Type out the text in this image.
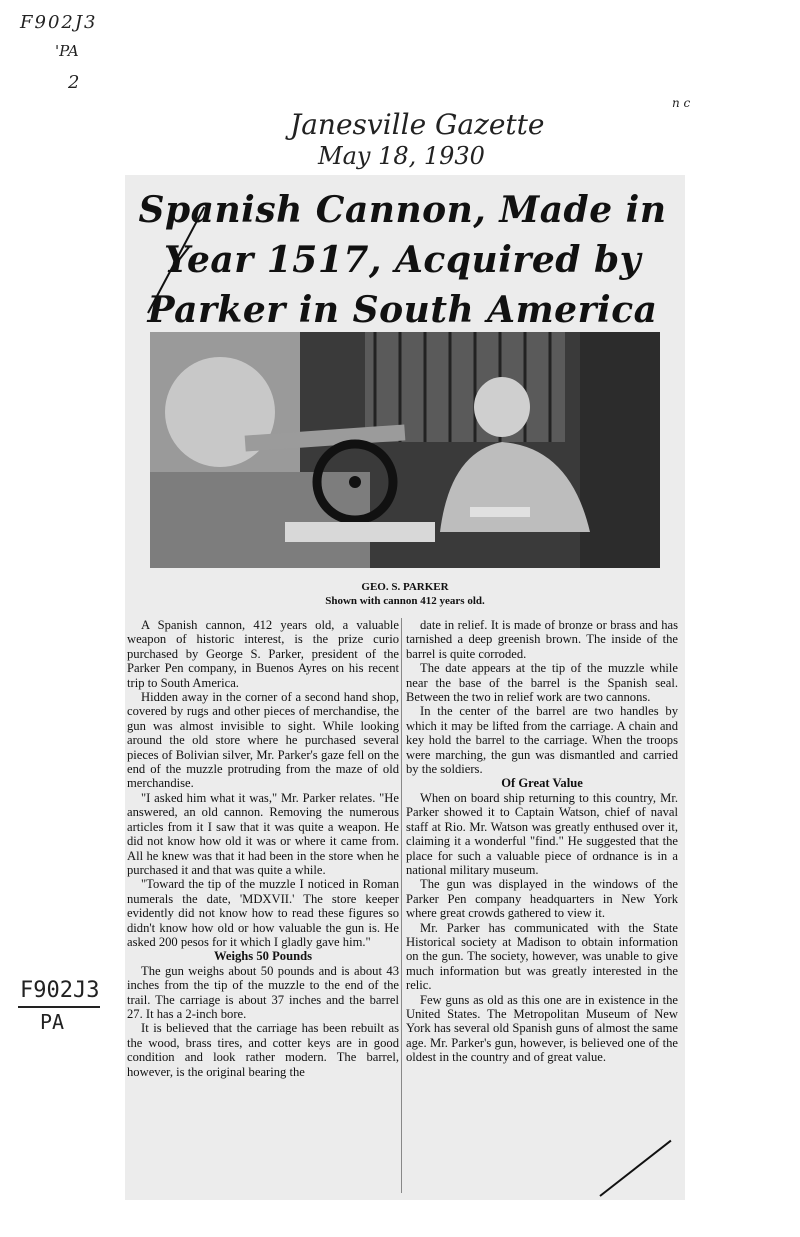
F902J3
'PA
2
n c
Janesville Gazette
May 18, 1930
F902J3
PA
Spanish Cannon, Made in
Year 1517, Acquired by
Parker in South America
GEO. S. PARKER
Shown with cannon 412 years old.

A Spanish cannon, 412 years old, a valuable weapon of historic interest, is the prize curio purchased by George S. Parker, president of the Parker Pen company, in Buenos Ayres on his recent trip to South America.

Hidden away in the corner of a second hand shop, covered by rugs and other pieces of merchandise, the gun was almost invisible to sight. While looking around the old store where he purchased several pieces of Bolivian silver, Mr. Parker's gaze fell on the end of the muzzle protruding from the maze of old merchandise.

"I asked him what it was," Mr. Parker relates. "He answered, an old cannon. Removing the numerous articles from it I saw that it was quite a weapon. He did not know how old it was or where it came from. All he knew was that it had been in the store when he purchased it and that was quite a while.

"Toward the tip of the muzzle I noticed in Roman numerals the date, 'MDXVII.' The store keeper evidently did not know how to read these figures so didn't know how old or how valuable the gun is. He asked 200 pesos for it which I gladly gave him."

Weighs 50 Pounds

The gun weighs about 50 pounds and is about 43 inches from the tip of the muzzle to the end of the trail. The carriage is about 37 inches and the barrel 27. It has a 2-inch bore.

It is believed that the carriage has been rebuilt as the wood, brass tires, and cotter keys are in good condition and look rather modern. The barrel, however, is the original bearing the

date in relief. It is made of bronze or brass and has tarnished a deep greenish brown. The inside of the barrel is quite corroded.

The date appears at the tip of the muzzle while near the base of the barrel is the Spanish seal. Between the two in relief work are two cannons.

In the center of the barrel are two handles by which it may be lifted from the carriage. A chain and key hold the barrel to the carriage. When the troops were marching, the gun was dismantled and carried by the soldiers.

Of Great Value

When on board ship returning to this country, Mr. Parker showed it to Captain Watson, chief of naval staff at Rio. Mr. Watson was greatly enthused over it, claiming it a wonderful "find." He suggested that the place for such a valuable piece of ordnance is in a national military museum.

The gun was displayed in the windows of the Parker Pen company headquarters in New York where great crowds gathered to view it.

Mr. Parker has communicated with the State Historical society at Madison to obtain information on the gun. The society, however, was unable to give much information but was greatly interested in the relic.

Few guns as old as this one are in existence in the United States. The Metropolitan Museum of New York has several old Spanish guns of almost the same age. Mr. Parker's gun, however, is believed one of the oldest in the country and of great value.
